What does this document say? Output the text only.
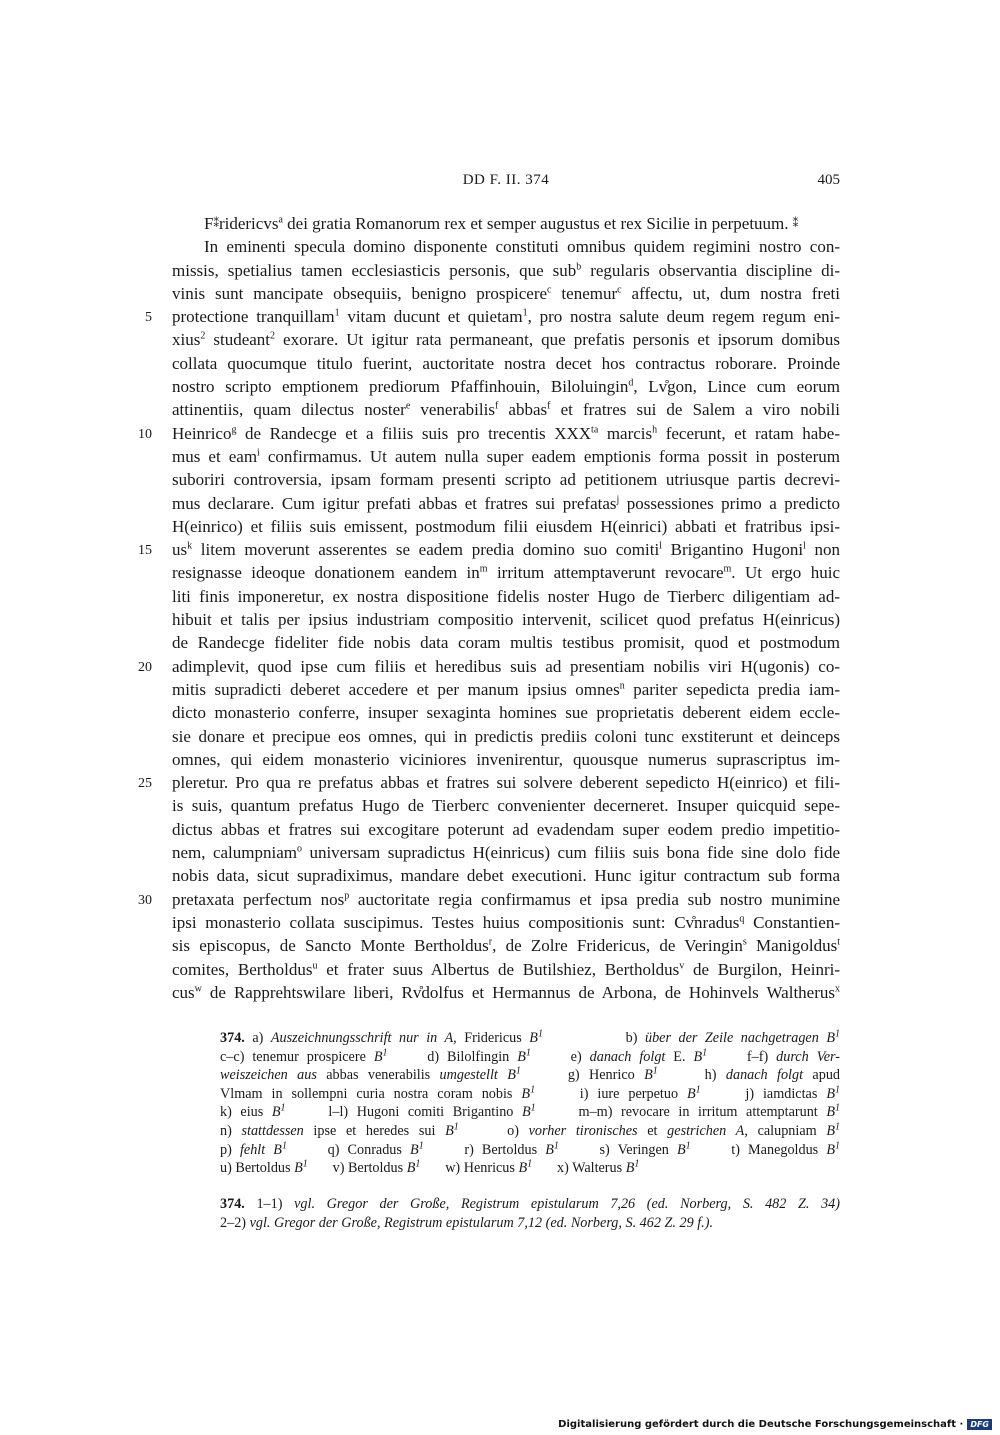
DD F. II. 374	405
F⁑ridericvs$^a$ dei gratia Romanorum rex et semper augustus et rex Sicilie in perpetuum. ⁑
In eminenti specula domino disponente constituti omnibus quidem regimini nostro con-
missis, spetialius tamen ecclesiasticis personis, que sub$^b$ regularis observantia discipline di-
vinis sunt mancipate obsequiis, benigno prospicere$^c$ tenemur$^c$ affectu, ut, dum nostra freti
5 protectione tranquillam$^1$ vitam ducunt et quietam$^1$, pro nostra salute deum regem regum eni-
xius$^2$ studeant$^2$ exorare. Ut igitur rata permaneant, que prefatis personis et ipsorum domibus
collata quocumque titulo fuerint, auctoritate nostra decet hos contractus roborare. Proinde
nostro scripto emptionem prediorum Pfaffinhouin, Biloluingin$^d$, L​v̊gon, Lince cum eorum
attinentiis, quam dilectus noster$^e$ venerabilis$^f$ abbas$^f$ et fratres sui de Salem a viro nobili
10 Heinrico$^g$ de Randecge et a filiis suis pro trecentis $XXX^{ta}$ marcis$^h$ fecerunt, et ratam habe-
mus et eam$^i$ confirmamus. Ut autem nulla super eadem emptionis forma possit in posterum
suboriri controversia, ipsam formam presenti scripto ad petitionem utriusque partis decrevi-
mus declarare. Cum igitur prefati abbas et fratres sui prefatas$^j$ possessiones primo a predicto
H(einrico) et filiis suis emissent, postmodum filii eiusdem H(einrici) abbati et fratribus ipsi-
15 $us^k$ litem moverunt asserentes se eadem predia domino suo comiti$^l$ Brigantino Hugoni$^l$ non
resignasse ideoque donationem eandem $in^m$ irritum attemptaverunt revocare$^m$. Ut ergo huic
liti finis imponeretur, ex nostra dispositione fidelis noster Hugo de Tierberc diligentiam ad-
hibuit et talis per ipsius industriam compositio intervenit, scilicet quod prefatus H(einricus)
de Randecge fideliter fide nobis data coram multis testibus promisit, quod et postmodum
20 adimplevit, quod ipse cum filiis et heredibus suis ad presentiam nobilis viri H(ugonis) co-
mitis supradicti deberet accedere et per manum ipsius omnes$^n$ pariter sepedicta predia iam-
dicto monasterio conferre, insuper sexaginta homines sue proprietatis deberent eidem eccle-
sie donare et precipue eos omnes, qui in predictis prediis coloni tunc exstiterunt et deinceps
omnes, qui eidem monasterio viciniores invenirentur, quousque numerus suprascriptus im-
25 pleretur. Pro qua re prefatus abbas et fratres sui solvere deberent sepedicto H(einrico) et fili-
is suis, quantum prefatus Hugo de Tierberc convenienter decerneret. Insuper quicquid sepe-
dictus abbas et fratres sui excogitare poterunt ad evadendam super eodem predio impetitio-
nem, calumpniam$^o$ universam supradictus H(einricus) cum filiis suis bona fide sine dolo fide
nobis data, sicut supradiximus, mandare debet executioni. Hunc igitur contractum sub forma
30 pretaxata perfectum nos$^p$ auctoritate regia confirmamus et ipsa predia sub nostro munimine
ipsi monasterio collata suscipimus. Testes huius compositionis sunt: C​v̊nradus$^q$ Constantien-
sis episcopus, de Sancto Monte Bertholdus$^r$, de Zolre Fridericus, de Veringin$^s$ Manigoldus$^t$
comites, Bertholdus$^u$ et frater suus Albertus de Butilshiez, Bertholdus$^v$ de Burgilon, Heinri-
cus$^w$ de Rapprehtswilare liberi, R​v̊dolfus et Hermannus de Arbona, de Hohinvels Waltherus$^x$
374. a) Auszeichnungsschrift nur in A, Fridericus $B^1$           b) über der Zeile nachgetragen $B^1$
c–c) tenemur prospicere $B^1$     d) Bilolfingin $B^1$     e) danach folgt E. $B^1$     f–f) durch Ver-
weiszeichen aus abbas venerabilis umgestellt $B^1$     g) Henrico $B^1$     h) danach folgt apud
Vlmam in sollempni curia nostra coram nobis $B^1$     i) iure perpetuo $B^1$     j) iamdictas $B^1$
k) eius $B^1$     l–l) Hugoni comiti Brigantino $B^1$     m–m) revocare in irritum attemptarunt $B^1$
n) stattdessen ipse et heredes sui $B^1$     o) vorher tironisches et gestrichen A, calupniam $B^1$
p) fehlt $B^1$     q) Conradus $B^1$     r) Bertoldus $B^1$     s) Veringen $B^1$     t) Manegoldus $B^1$
u) Bertoldus $B^1$       v) Bertoldus $B^1$       w) Henricus $B^1$       x) Walterus $B^1$
374. 1–1) vgl. Gregor der Große, Registrum epistularum 7,26 (ed. Norberg, S. 482 Z. 34)
2–2) vgl. Gregor der Große, Registrum epistularum 7,12 (ed. Norberg, S. 462 Z. 29 f.).
Digitalisierung gefördert durch die Deutsche Forschungsgemeinschaft · DFG
